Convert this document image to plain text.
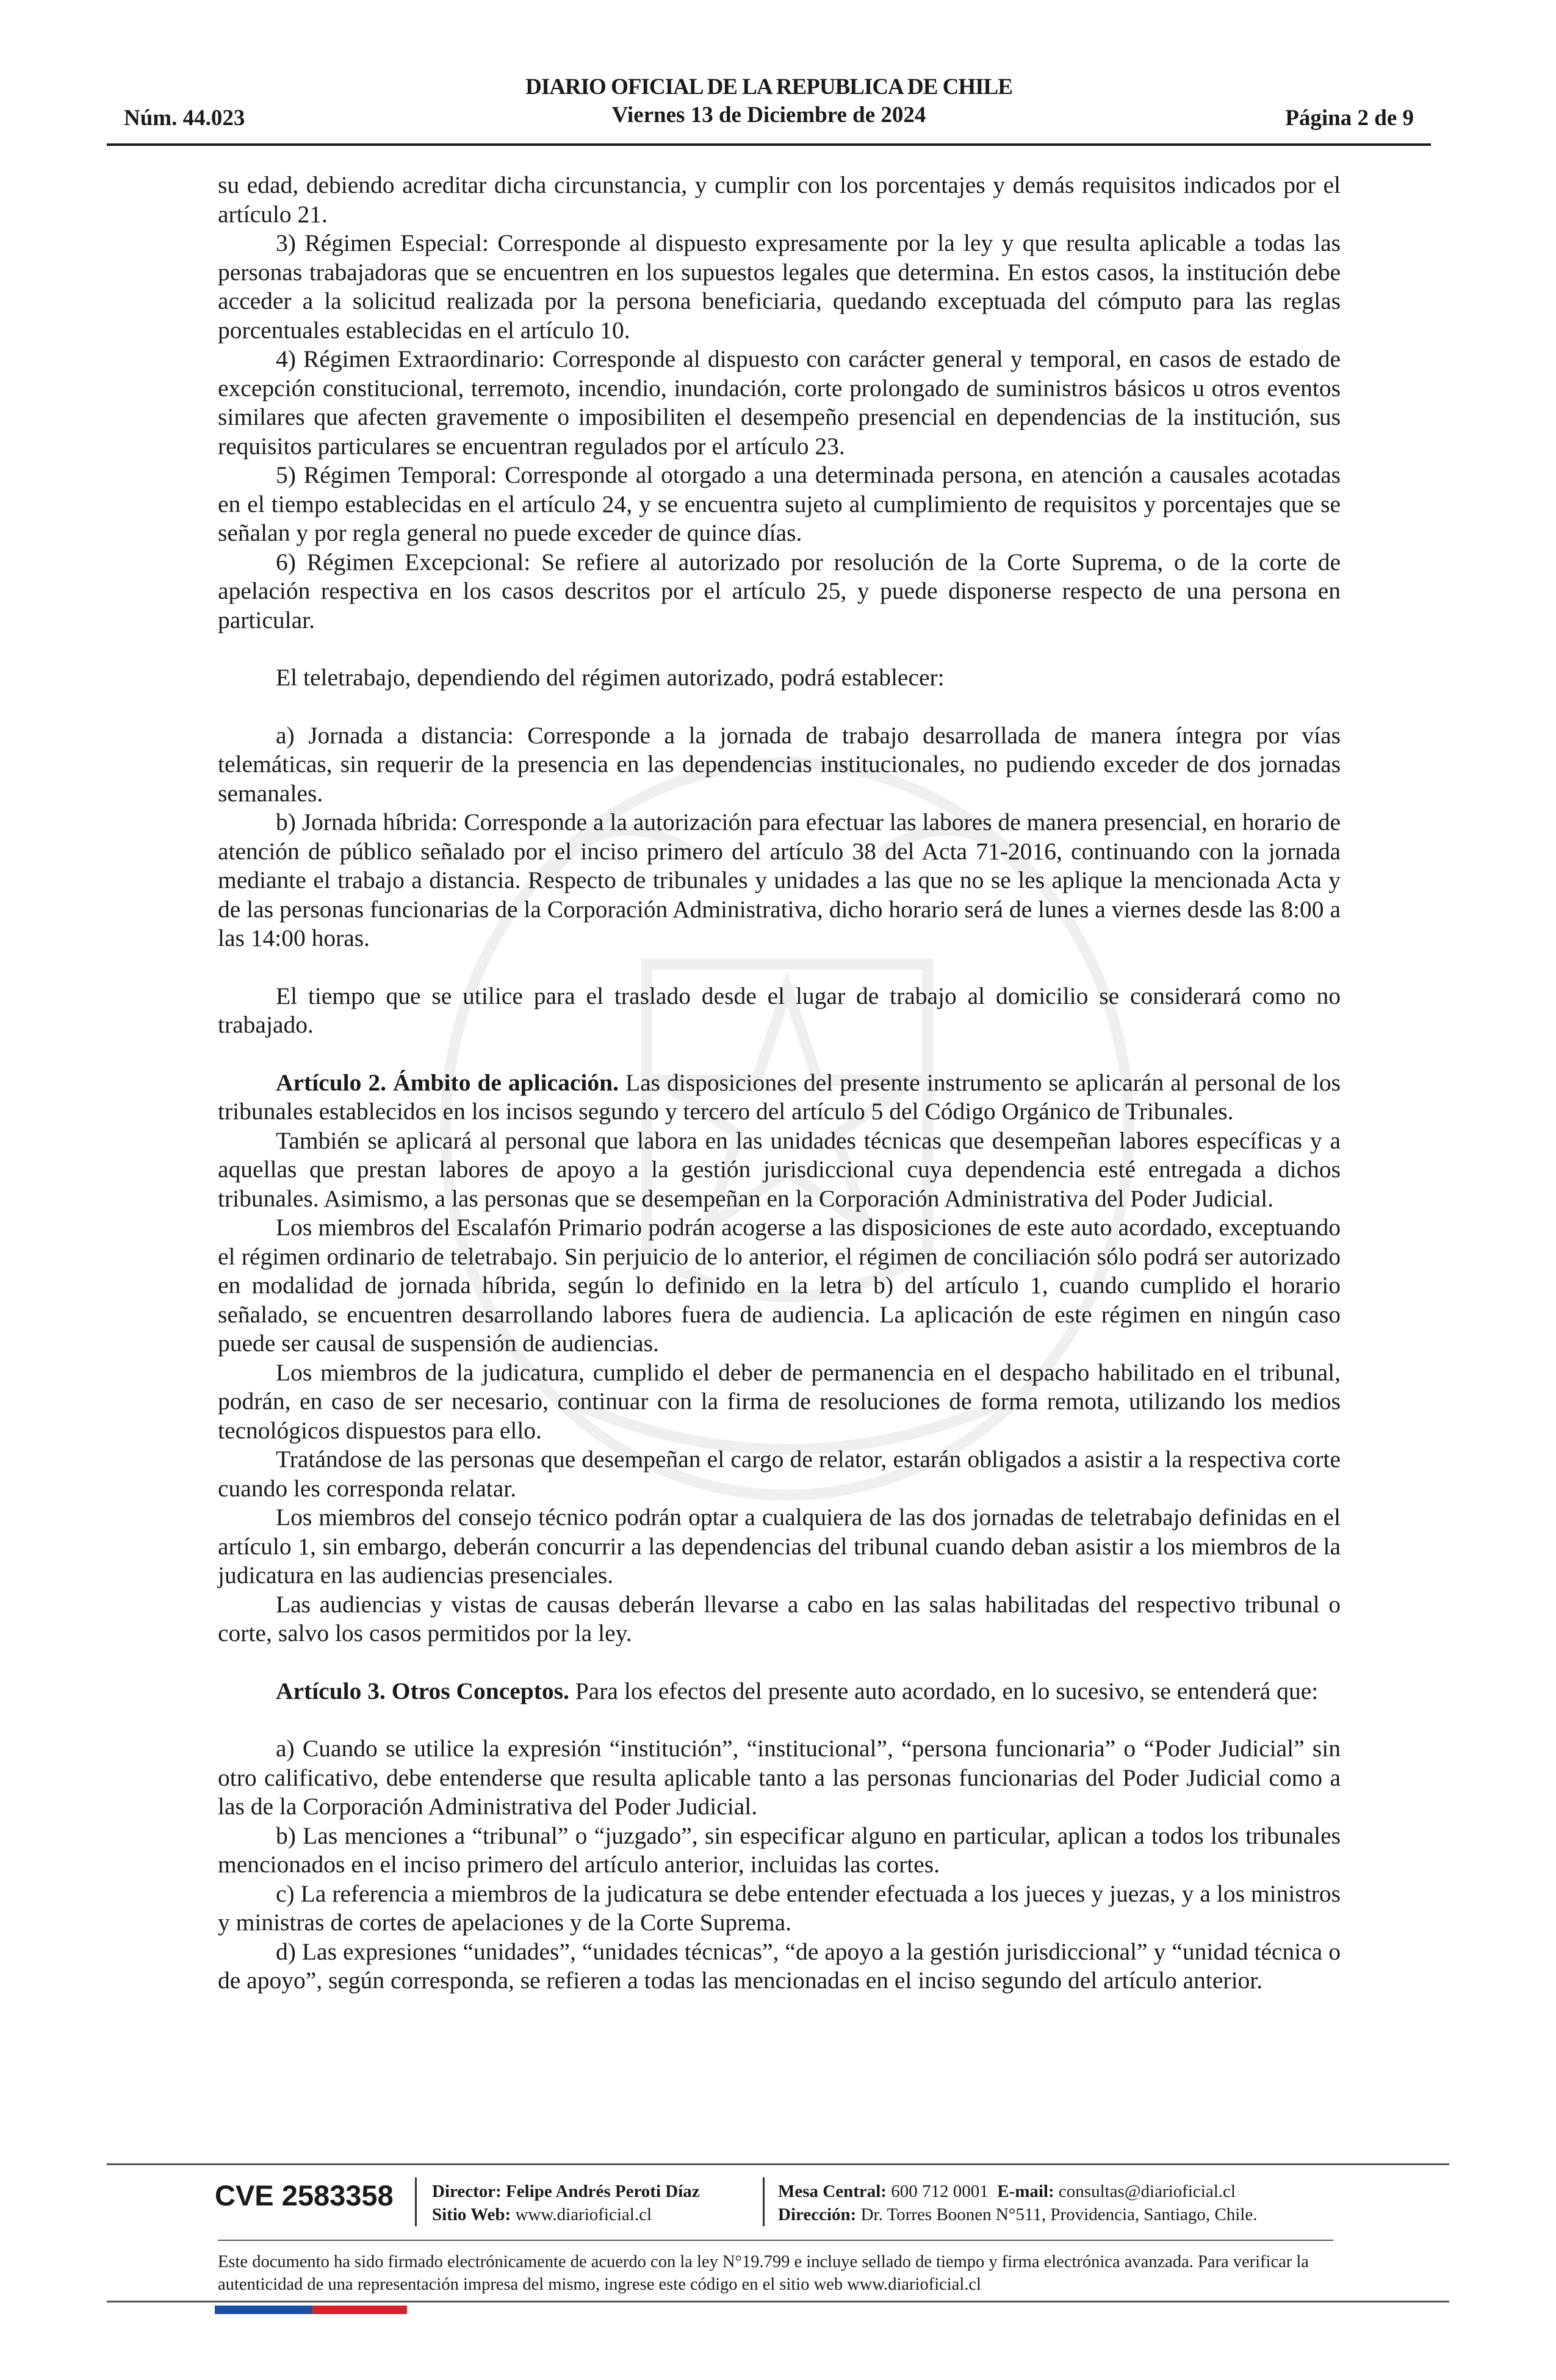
Núm. 44.023
DIARIO OFICIAL DE LA REPUBLICA DE CHILE
Viernes 13 de Diciembre de 2024	Página 2 de 9

su edad, debiendo acreditar dicha circunstancia, y cumplir con los porcentajes y demás requisitos indicados por el artículo 21.

3) Régimen Especial: Corresponde al dispuesto expresamente por la ley y que resulta aplicable a todas las personas trabajadoras que se encuentren en los supuestos legales que determina. En estos casos, la institución debe acceder a la solicitud realizada por la persona beneficiaria, quedando exceptuada del cómputo para las reglas porcentuales establecidas en el artículo 10.

4) Régimen Extraordinario: Corresponde al dispuesto con carácter general y temporal, en casos de estado de excepción constitucional, terremoto, incendio, inundación, corte prolongado de suministros básicos u otros eventos similares que afecten gravemente o imposibiliten el desempeño presencial en dependencias de la institución, sus requisitos particulares se encuentran regulados por el artículo 23.

5) Régimen Temporal: Corresponde al otorgado a una determinada persona, en atención a causales acotadas en el tiempo establecidas en el artículo 24, y se encuentra sujeto al cumplimiento de requisitos y porcentajes que se señalan y por regla general no puede exceder de quince días.

6) Régimen Excepcional: Se refiere al autorizado por resolución de la Corte Suprema, o de la corte de apelación respectiva en los casos descritos por el artículo 25, y puede disponerse respecto de una persona en particular.

El teletrabajo, dependiendo del régimen autorizado, podrá establecer:

a) Jornada a distancia: Corresponde a la jornada de trabajo desarrollada de manera íntegra por vías telemáticas, sin requerir de la presencia en las dependencias institucionales, no pudiendo exceder de dos jornadas semanales.

b) Jornada híbrida: Corresponde a la autorización para efectuar las labores de manera presencial, en horario de atención de público señalado por el inciso primero del artículo 38 del Acta 71-2016, continuando con la jornada mediante el trabajo a distancia. Respecto de tribunales y unidades a las que no se les aplique la mencionada Acta y de las personas funcionarias de la Corporación Administrativa, dicho horario será de lunes a viernes desde las 8:00 a las 14:00 horas.

El tiempo que se utilice para el traslado desde el lugar de trabajo al domicilio se considerará como no trabajado.

Artículo 2. Ámbito de aplicación. Las disposiciones del presente instrumento se aplicarán al personal de los tribunales establecidos en los incisos segundo y tercero del artículo 5 del Código Orgánico de Tribunales.

También se aplicará al personal que labora en las unidades técnicas que desempeñan labores específicas y a aquellas que prestan labores de apoyo a la gestión jurisdiccional cuya dependencia esté entregada a dichos tribunales. Asimismo, a las personas que se desempeñan en la Corporación Administrativa del Poder Judicial.

Los miembros del Escalafón Primario podrán acogerse a las disposiciones de este auto acordado, exceptuando el régimen ordinario de teletrabajo. Sin perjuicio de lo anterior, el régimen de conciliación sólo podrá ser autorizado en modalidad de jornada híbrida, según lo definido en la letra b) del artículo 1, cuando cumplido el horario señalado, se encuentren desarrollando labores fuera de audiencia. La aplicación de este régimen en ningún caso puede ser causal de suspensión de audiencias.

Los miembros de la judicatura, cumplido el deber de permanencia en el despacho habilitado en el tribunal, podrán, en caso de ser necesario, continuar con la firma de resoluciones de forma remota, utilizando los medios tecnológicos dispuestos para ello.

Tratándose de las personas que desempeñan el cargo de relator, estarán obligados a asistir a la respectiva corte cuando les corresponda relatar.

Los miembros del consejo técnico podrán optar a cualquiera de las dos jornadas de teletrabajo definidas en el artículo 1, sin embargo, deberán concurrir a las dependencias del tribunal cuando deban asistir a los miembros de la judicatura en las audiencias presenciales.

Las audiencias y vistas de causas deberán llevarse a cabo en las salas habilitadas del respectivo tribunal o corte, salvo los casos permitidos por la ley.

Artículo 3. Otros Conceptos. Para los efectos del presente auto acordado, en lo sucesivo, se entenderá que:

a) Cuando se utilice la expresión “institución”, “institucional”, “persona funcionaria” o “Poder Judicial” sin otro calificativo, debe entenderse que resulta aplicable tanto a las personas funcionarias del Poder Judicial como a las de la Corporación Administrativa del Poder Judicial.

b) Las menciones a “tribunal” o “juzgado”, sin especificar alguno en particular, aplican a todos los tribunales mencionados en el inciso primero del artículo anterior, incluidas las cortes.

c) La referencia a miembros de la judicatura se debe entender efectuada a los jueces y juezas, y a los ministros y ministras de cortes de apelaciones y de la Corte Suprema.

d) Las expresiones “unidades”, “unidades técnicas”, “de apoyo a la gestión jurisdiccional” y “unidad técnica o de apoyo”, según corresponda, se refieren a todas las mencionadas en el inciso segundo del artículo anterior.

CVE 2583358 Director: Felipe Andrés Peroti Díaz
Sitio Web: www.diarioficial.cl
Mesa Central: 600 712 0001 E-mail: consultas@diarioficial.cl
Dirección: Dr. Torres Boonen N°511, Providencia, Santiago, Chile.
Este documento ha sido firmado electrónicamente de acuerdo con la ley N°19.799 e incluye sellado de tiempo y firma electrónica avanzada. Para verificar la autenticidad de una representación impresa del mismo, ingrese este código en el sitio web www.diarioficial.cl
